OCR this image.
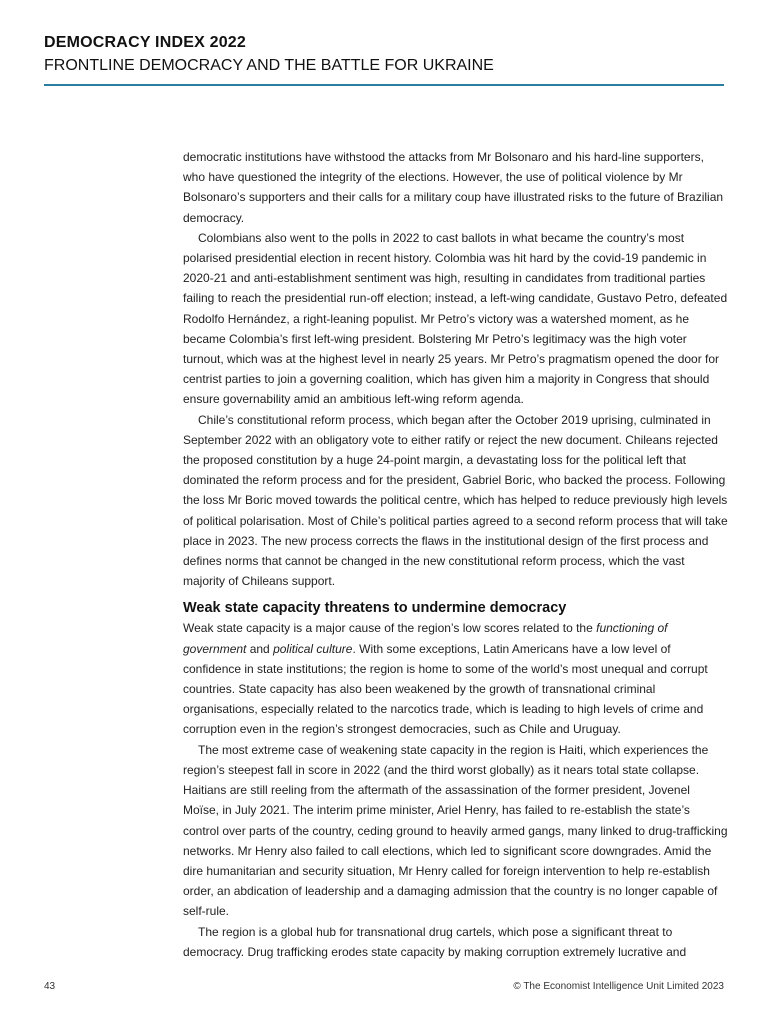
DEMOCRACY INDEX 2022
FRONTLINE DEMOCRACY AND THE BATTLE FOR UKRAINE

democratic institutions have withstood the attacks from Mr Bolsonaro and his hard-line supporters, who have questioned the integrity of the elections. However, the use of political violence by Mr Bolsonaro’s supporters and their calls for a military coup have illustrated risks to the future of Brazilian democracy.

Colombians also went to the polls in 2022 to cast ballots in what became the country’s most polarised presidential election in recent history. Colombia was hit hard by the covid-19 pandemic in 2020-21 and anti-establishment sentiment was high, resulting in candidates from traditional parties failing to reach the presidential run-off election; instead, a left-wing candidate, Gustavo Petro, defeated Rodolfo Hernández, a right-leaning populist. Mr Petro’s victory was a watershed moment, as he became Colombia’s first left-wing president. Bolstering Mr Petro’s legitimacy was the high voter turnout, which was at the highest level in nearly 25 years. Mr Petro’s pragmatism opened the door for centrist parties to join a governing coalition, which has given him a majority in Congress that should ensure governability amid an ambitious left-wing reform agenda.

Chile’s constitutional reform process, which began after the October 2019 uprising, culminated in September 2022 with an obligatory vote to either ratify or reject the new document. Chileans rejected the proposed constitution by a huge 24-point margin, a devastating loss for the political left that dominated the reform process and for the president, Gabriel Boric, who backed the process. Following the loss Mr Boric moved towards the political centre, which has helped to reduce previously high levels of political polarisation. Most of Chile’s political parties agreed to a second reform process that will take place in 2023. The new process corrects the flaws in the institutional design of the first process and defines norms that cannot be changed in the new constitutional reform process, which the vast majority of Chileans support.

Weak state capacity threatens to undermine democracy

Weak state capacity is a major cause of the region’s low scores related to the functioning of government and political culture. With some exceptions, Latin Americans have a low level of confidence in state institutions; the region is home to some of the world’s most unequal and corrupt countries. State capacity has also been weakened by the growth of transnational criminal organisations, especially related to the narcotics trade, which is leading to high levels of crime and corruption even in the region’s strongest democracies, such as Chile and Uruguay.

The most extreme case of weakening state capacity in the region is Haiti, which experiences the region’s steepest fall in score in 2022 (and the third worst globally) as it nears total state collapse. Haitians are still reeling from the aftermath of the assassination of the former president, Jovenel Moïse, in July 2021. The interim prime minister, Ariel Henry, has failed to re-establish the state’s control over parts of the country, ceding ground to heavily armed gangs, many linked to drug-trafficking networks. Mr Henry also failed to call elections, which led to significant score downgrades. Amid the dire humanitarian and security situation, Mr Henry called for foreign intervention to help re-establish order, an abdication of leadership and a damaging admission that the country is no longer capable of self-rule.

The region is a global hub for transnational drug cartels, which pose a significant threat to democracy. Drug trafficking erodes state capacity by making corruption extremely lucrative and

43	© The Economist Intelligence Unit Limited 2023
